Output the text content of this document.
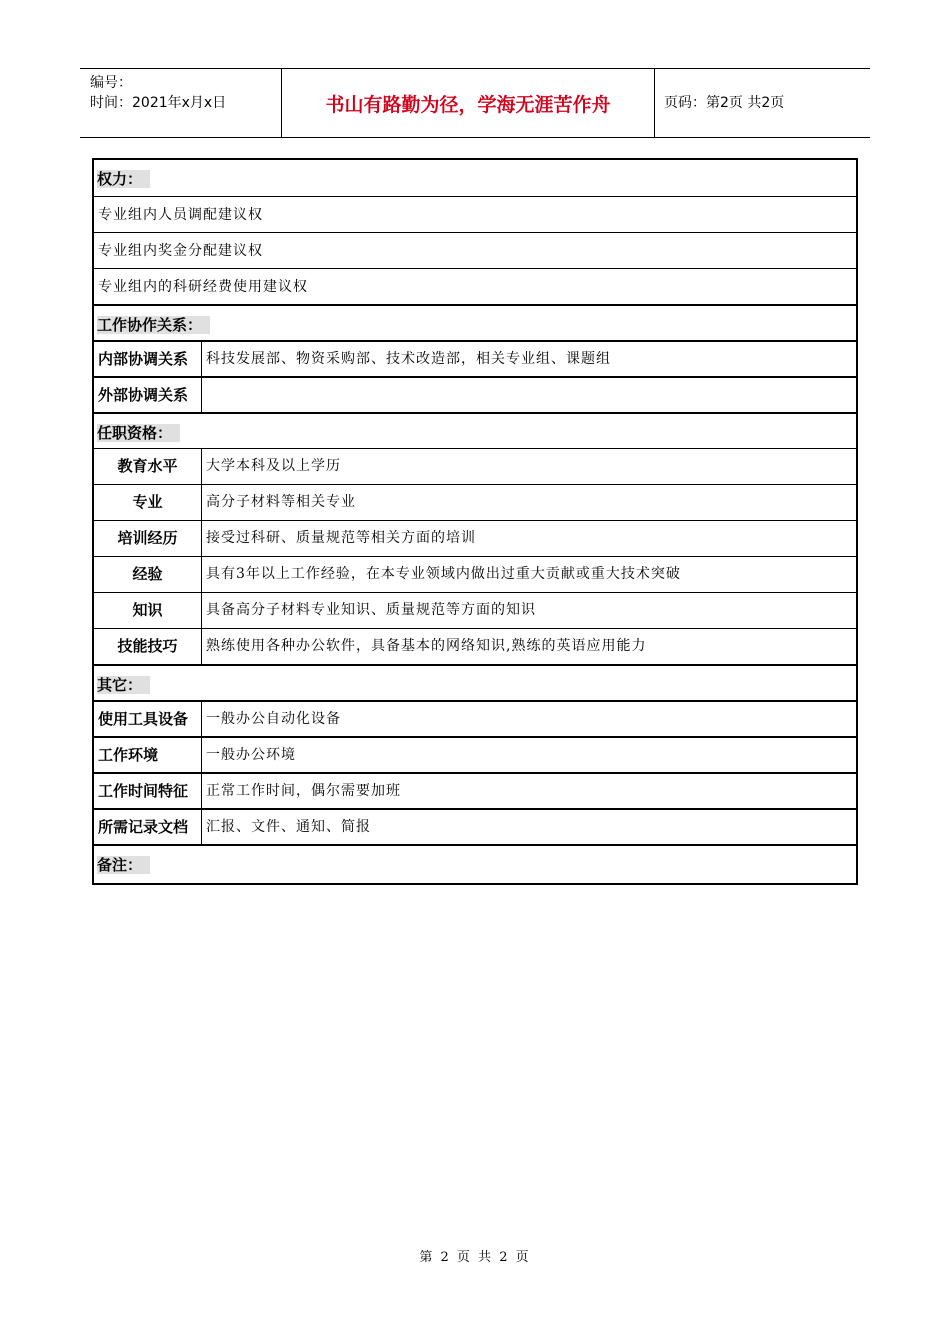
编号：
时间：2021年x月x日	书山有路勤为径，学海无涯苦作舟	页码：第2页 共2页
权力：
专业组内人员调配建议权
专业组内奖金分配建议权
专业组内的科研经费使用建议权
工作协作关系：
内部协调关系	科技发展部、物资采购部、技术改造部，相关专业组、课题组
外部协调关系
任职资格：
教育水平	大学本科及以上学历
专业	高分子材料等相关专业
培训经历	接受过科研、质量规范等相关方面的培训
经验	具有3年以上工作经验，在本专业领域内做出过重大贡献或重大技术突破
知识	具备高分子材料专业知识、质量规范等方面的知识
技能技巧	熟练使用各种办公软件，具备基本的网络知识,熟练的英语应用能力
其它：
使用工具设备	一般办公自动化设备
工作环境	一般办公环境
工作时间特征	正常工作时间，偶尔需要加班
所需记录文档	汇报、文件、通知、简报
备注：
第 2 页 共 2 页
